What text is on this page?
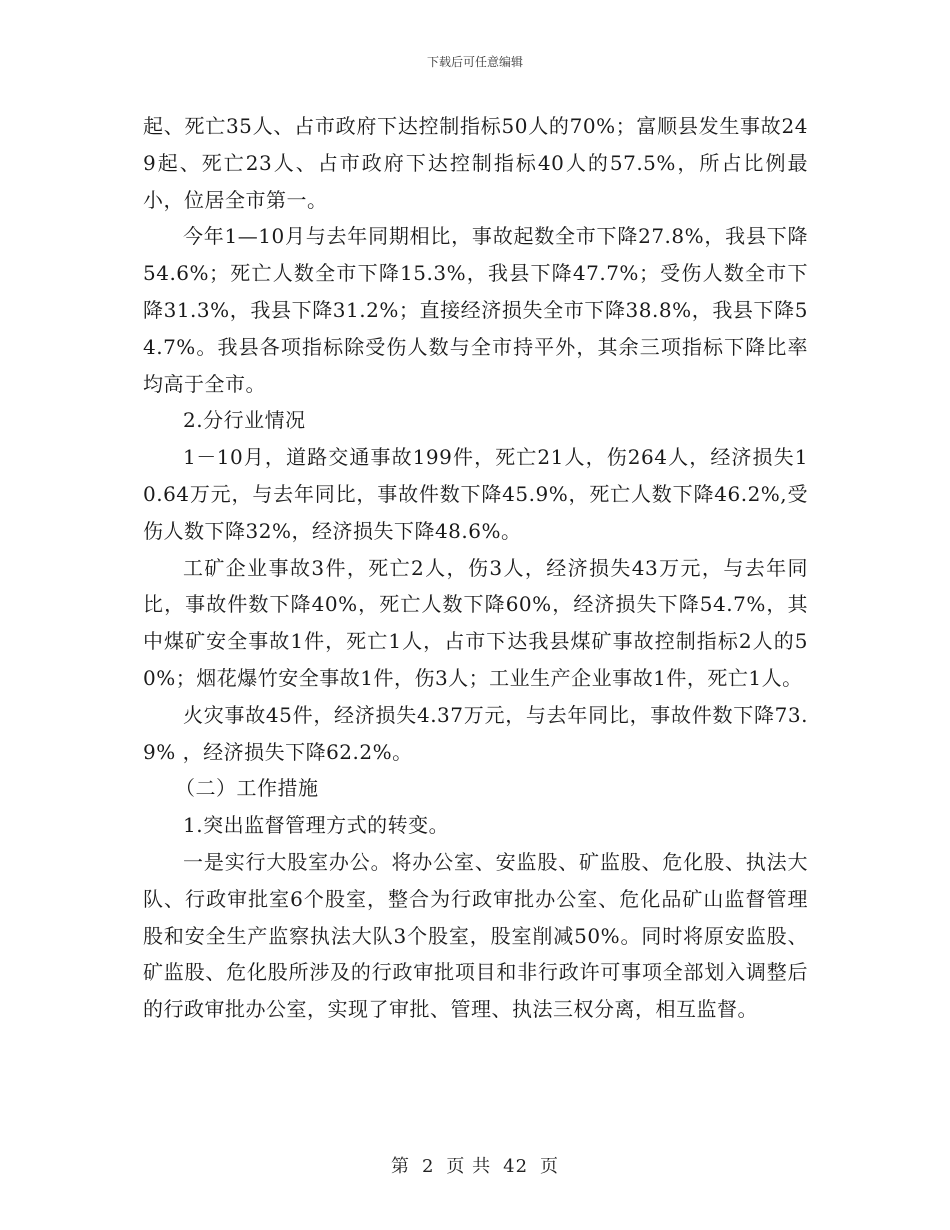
下载后可任意编辑

起、死亡35人、占市政府下达控制指标50人的70%；富顺县发生事故249起、死亡23人、占市政府下达控制指标40人的57.5%，所占比例最小，位居全市第一。

今年1—10月与去年同期相比，事故起数全市下降27.8%，我县下降54.6%；死亡人数全市下降15.3%，我县下降47.7%；受伤人数全市下降31.3%，我县下降31.2%；直接经济损失全市下降38.8%，我县下降54.7%。我县各项指标除受伤人数与全市持平外，其余三项指标下降比率均高于全市。

2.分行业情况

1－10月，道路交通事故199件，死亡21人，伤264人，经济损失10.64万元，与去年同比，事故件数下降45.9%，死亡人数下降46.2%,受伤人数下降32%，经济损失下降48.6%。

工矿企业事故3件，死亡2人，伤3人，经济损失43万元，与去年同比，事故件数下降40%，死亡人数下降60%，经济损失下降54.7%，其中煤矿安全事故1件，死亡1人，占市下达我县煤矿事故控制指标2人的50%；烟花爆竹安全事故1件，伤3人；工业生产企业事故1件，死亡1人。

火灾事故45件，经济损失4.37万元，与去年同比，事故件数下降73.9% ，经济损失下降62.2%。

（二）工作措施

1.突出监督管理方式的转变。

一是实行大股室办公。将办公室、安监股、矿监股、危化股、执法大队、行政审批室6个股室，整合为行政审批办公室、危化品矿山监督管理股和安全生产监察执法大队3个股室，股室削减50%。同时将原安监股、矿监股、危化股所涉及的行政审批项目和非行政许可事项全部划入调整后的行政审批办公室，实现了审批、管理、执法三权分离，相互监督。

第 2 页 共 42 页
